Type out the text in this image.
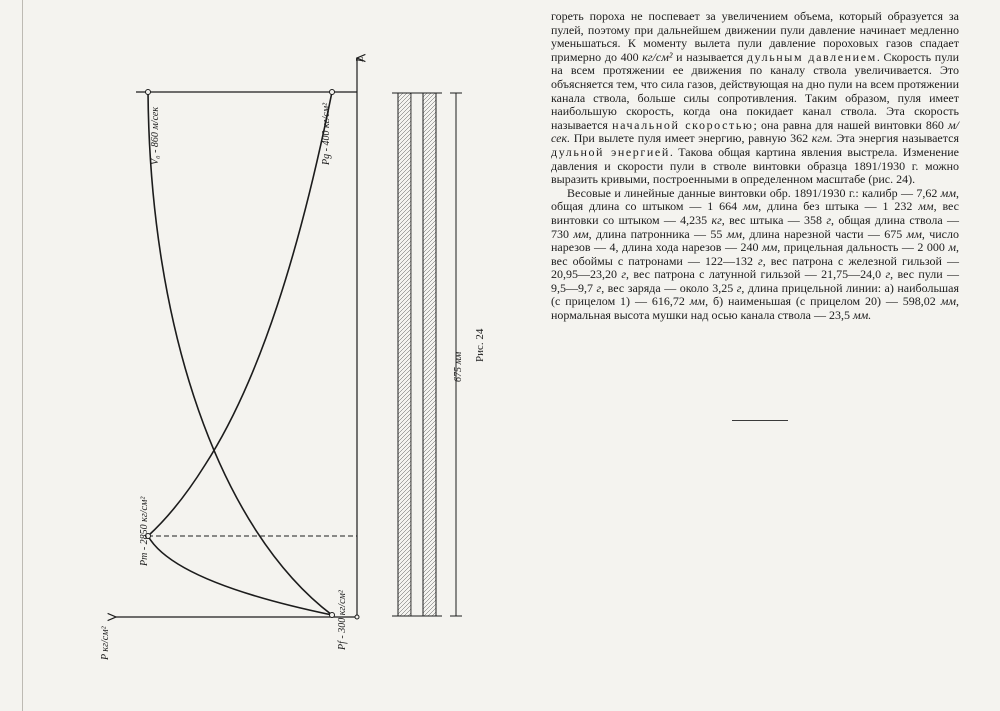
L
V₀ - 860 м/сек	Pg - 400 кг/см²
Pm - 2850 кг/см²
Pf - 300 кг/см²
P кг/см²
675 мм
Рис. 24

гореть пороха не поспевает за увеличением объема, который образуется за пулей, поэтому при дальнейшем движении пули давление начинает медленно уменьшаться. К моменту вылета пули давление пороховых газов спадает примерно до 400 кг/см² и называется дульным давлением. Скорость пули на всем протяжении ее движения по каналу ствола увеличивается. Это объясняется тем, что сила газов, действующая на дно пули на всем протяжении канала ствола, больше силы сопротивления. Таким образом, пуля имеет наибольшую скорость, когда она покидает канал ствола. Эта скорость называется начальной скоростью; она равна для нашей винтовки 860 м/сек. При вылете пуля имеет энергию, равную 362 кгм. Эта энергия называется дульной энергией. Такова общая картина явления выстрела. Изменение давления и скорости пули в стволе винтовки образца 1891/1930 г. можно выразить кривыми, построенными в определенном масштабе (рис. 24).

Весовые и линейные данные винтовки обр. 1891/1930 г.: калибр — 7,62 мм, общая длина со штыком — 1 664 мм, длина без штыка — 1 232 мм, вес винтовки со штыком — 4,235 кг, вес штыка — 358 г, общая длина ствола — 730 мм, длина патронника — 55 мм, длина нарезной части — 675 мм, число нарезов — 4, длина хода нарезов — 240 мм, прицельная дальность — 2 000 м, вес обоймы с патронами — 122—132 г, вес патрона с железной гильзой — 20,95—23,20 г, вес патрона с латунной гильзой — 21,75—24,0 г, вес пули — 9,5—9,7 г, вес заряда — около 3,25 г, длина прицельной линии: а) наибольшая (с прицелом 1) — 616,72 мм, б) наименьшая (с прицелом 20) — 598,02 мм, нормальная высота мушки над осью канала ствола — 23,5 мм.
